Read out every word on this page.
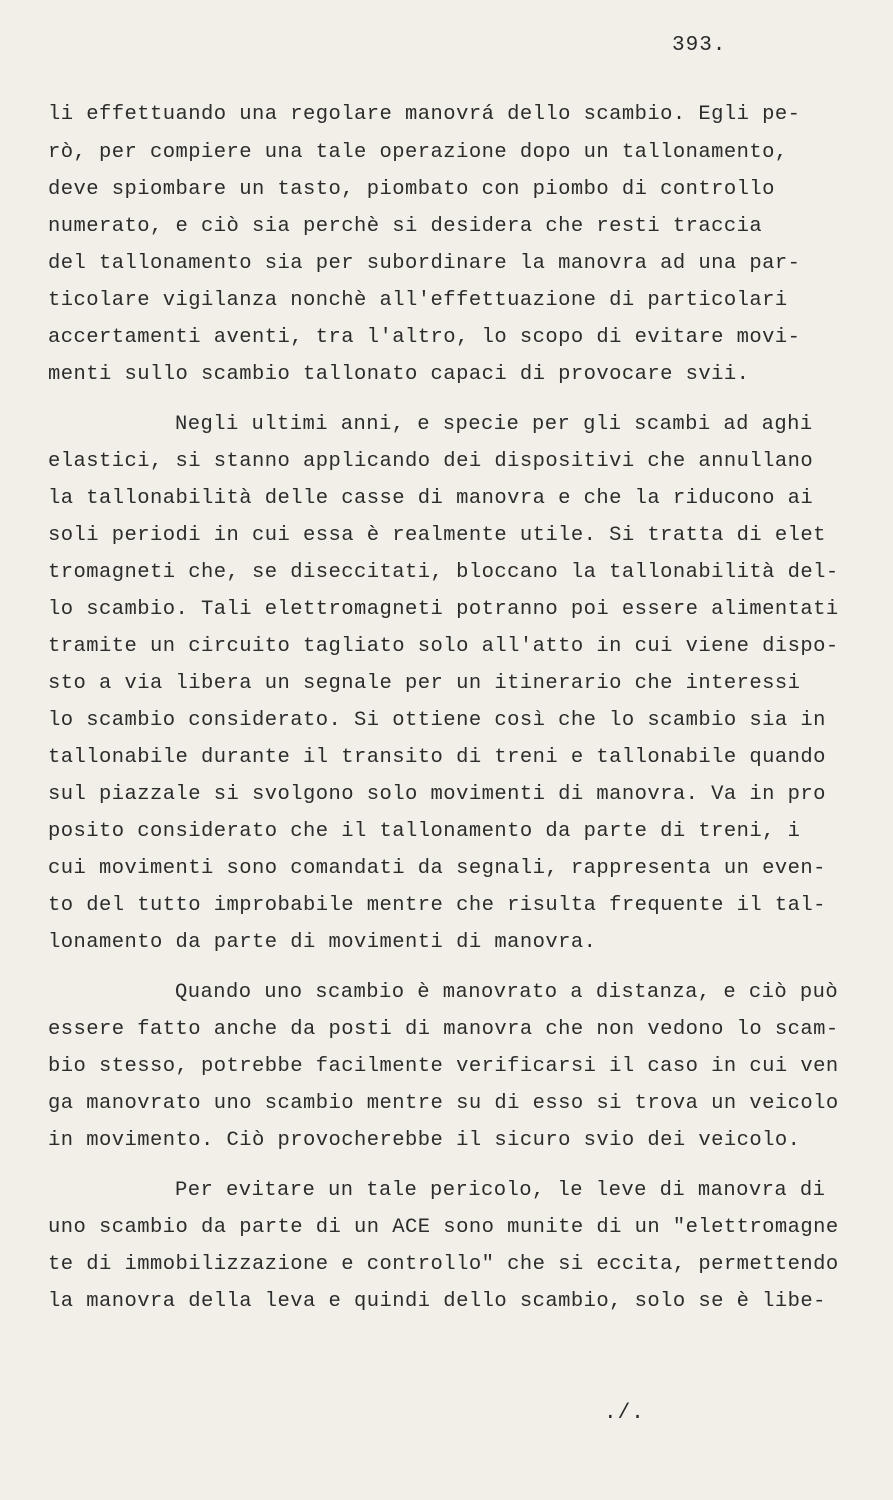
393.
li effettuando una regolare manovrá dello scambio. Egli pe-
rò, per compiere una tale operazione dopo un tallonamento,
deve spiombare un tasto, piombato con piombo di controllo
numerato, e ciò sia perchè si desidera che resti traccia
del tallonamento sia per subordinare la manovra ad una par-
ticolare vigilanza nonchè all'effettuazione di particolari
accertamenti aventi, tra l'altro, lo scopo di evitare movi-
menti sullo scambio tallonato capaci di provocare svii.
Negli ultimi anni, e specie per gli scambi ad aghi
elastici, si stanno applicando dei dispositivi che annullano
la tallonabilità delle casse di manovra e che la riducono ai
soli periodi in cui essa è realmente utile. Si tratta di elet
tromagneti che, se diseccitati, bloccano la tallonabilità del-
lo scambio. Tali elettromagneti potranno poi essere alimentati
tramite un circuito tagliato solo all'atto in cui viene dispo-
sto a via libera un segnale per un itinerario che interessi
lo scambio considerato. Si ottiene così che lo scambio sia in
tallonabile durante il transito di treni e tallonabile quando
sul piazzale si svolgono solo movimenti di manovra. Va in pro
posito considerato che il tallonamento da parte di treni, i
cui movimenti sono comandati da segnali, rappresenta un even-
to del tutto improbabile mentre che risulta frequente il tal-
lonamento da parte di movimenti di manovra.
Quando uno scambio è manovrato a distanza, e ciò può
essere fatto anche da posti di manovra che non vedono lo scam-
bio stesso, potrebbe facilmente verificarsi il caso in cui ven
ga manovrato uno scambio mentre su di esso si trova un veicolo
in movimento. Ciò provocherebbe il sicuro svio dei veicolo.
Per evitare un tale pericolo, le leve di manovra di
uno scambio da parte di un ACE sono munite di un "elettromagne
te di immobilizzazione e controllo" che si eccita, permettendo
la manovra della leva e quindi dello scambio, solo se è libe-
./.
